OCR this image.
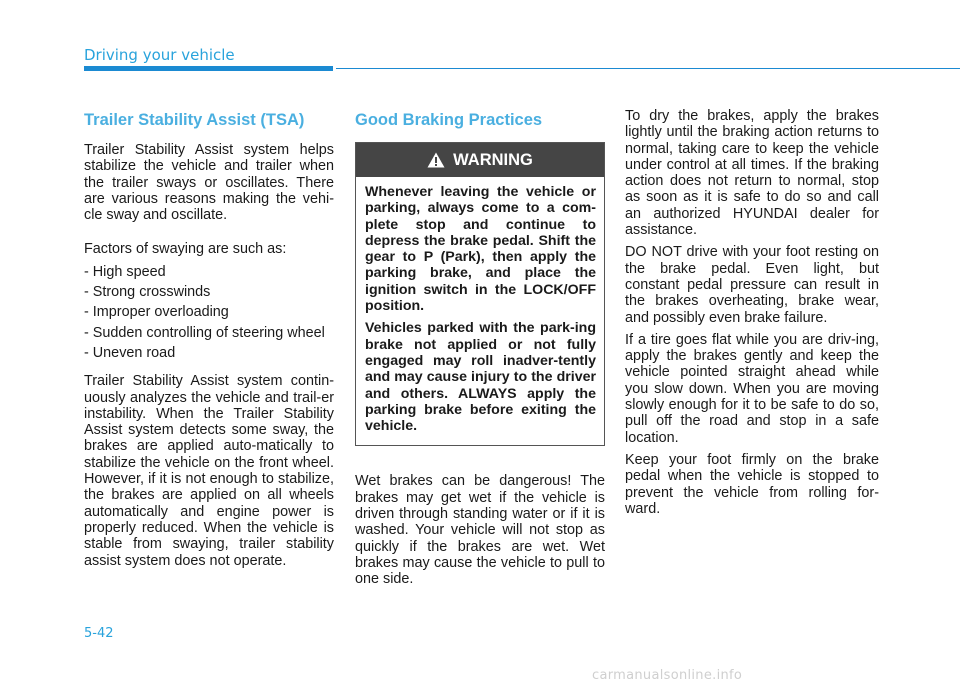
Driving your vehicle
Trailer Stability Assist (TSA)

Trailer Stability Assist system helps stabilize the vehicle and trailer when the trailer sways or oscillates. There are various reasons making the vehi-cle sway and oscillate.

Factors of swaying are such as:

- High speed
- Strong crosswinds
- Improper overloading
- Sudden controlling of steering wheel
- Uneven road

Trailer Stability Assist system contin-uously analyzes the vehicle and trail-er instability. When the Trailer Stability Assist system detects some sway, the brakes are applied auto-matically to stabilize the vehicle on the front wheel. However, if it is not enough to stabilize, the brakes are applied on all wheels automatically and engine power is properly reduced. When the vehicle is stable from swaying, trailer stability assist system does not operate.

Good Braking Practices
WARNING

Whenever leaving the vehicle or parking, always come to a com-plete stop and continue to depress the brake pedal. Shift the gear to P (Park), then apply the parking brake, and place the ignition switch in the LOCK/OFF position.

Vehicles parked with the park-ing brake not applied or not fully engaged may roll inadver-tently and may cause injury to the driver and others. ALWAYS apply the parking brake before exiting the vehicle.

Wet brakes can be dangerous! The brakes may get wet if the vehicle is driven through standing water or if it is washed. Your vehicle will not stop as quickly if the brakes are wet. Wet brakes may cause the vehicle to pull to one side.

To dry the brakes, apply the brakes lightly until the braking action returns to normal, taking care to keep the vehicle under control at all times. If the braking action does not return to normal, stop as soon as it is safe to do so and call an authorized HYUNDAI dealer for assistance.

DO NOT drive with your foot resting on the brake pedal. Even light, but constant pedal pressure can result in the brakes overheating, brake wear, and possibly even brake failure.

If a tire goes flat while you are driv-ing, apply the brakes gently and keep the vehicle pointed straight ahead while you slow down. When you are moving slowly enough for it to be safe to do so, pull off the road and stop in a safe location.

Keep your foot firmly on the brake pedal when the vehicle is stopped to prevent the vehicle from rolling for-ward.

5-42
carmanualsonline.info
